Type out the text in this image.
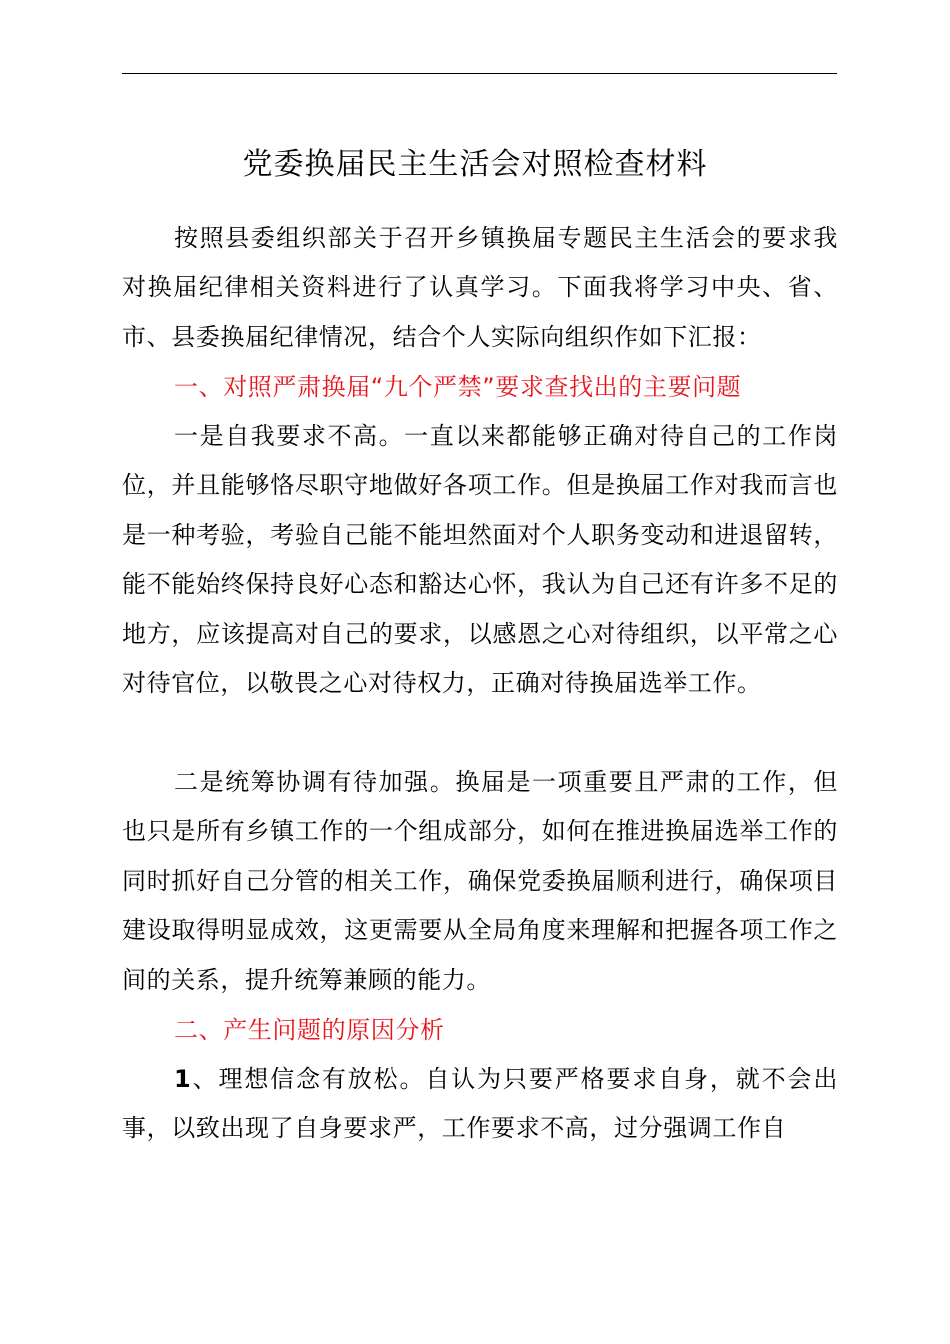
党委换届民主生活会对照检查材料

按照县委组织部关于召开乡镇换届专题民主生活会的要求我对换届纪律相关资料进行了认真学习。下面我将学习中央、省、市、县委换届纪律情况，结合个人实际向组织作如下汇报：

一、对照严肃换届“九个严禁”要求查找出的主要问题

一是自我要求不高。一直以来都能够正确对待自己的工作岗位，并且能够恪尽职守地做好各项工作。但是换届工作对我而言也是一种考验，考验自己能不能坦然面对个人职务变动和进退留转，能不能始终保持良好心态和豁达心怀，我认为自己还有许多不足的地方，应该提高对自己的要求，以感恩之心对待组织，以平常之心对待官位，以敬畏之心对待权力，正确对待换届选举工作。

二是统筹协调有待加强。换届是一项重要且严肃的工作，但也只是所有乡镇工作的一个组成部分，如何在推进换届选举工作的同时抓好自己分管的相关工作，确保党委换届顺利进行，确保项目建设取得明显成效，这更需要从全局角度来理解和把握各项工作之间的关系，提升统筹兼顾的能力。

二、产生问题的原因分析

1、理想信念有放松。自认为只要严格要求自身，就不会出事，以致出现了自身要求严，工作要求不高，过分强调工作自
